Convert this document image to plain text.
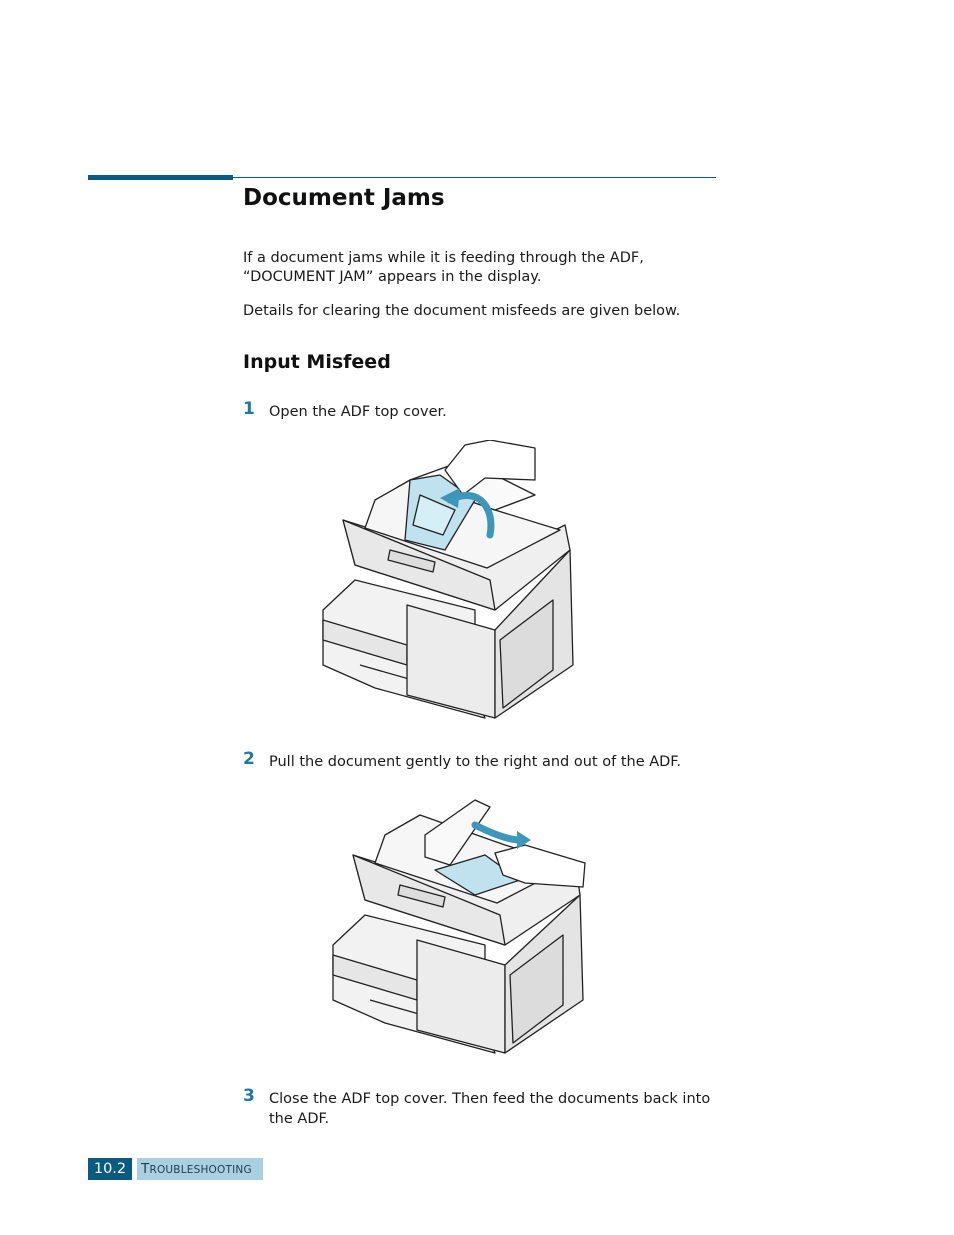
Document Jams

If a document jams while it is feeding through the ADF,
“DOCUMENT JAM” appears in the display.

Details for clearing the document misfeeds are given below.

Input Misfeed
1 Open the ADF top cover.

2 Pull the document gently to the right and out of the ADF.

3 Close the ADF top cover. Then feed the documents back into the ADF.

10.2	TROUBLESHOOTING
